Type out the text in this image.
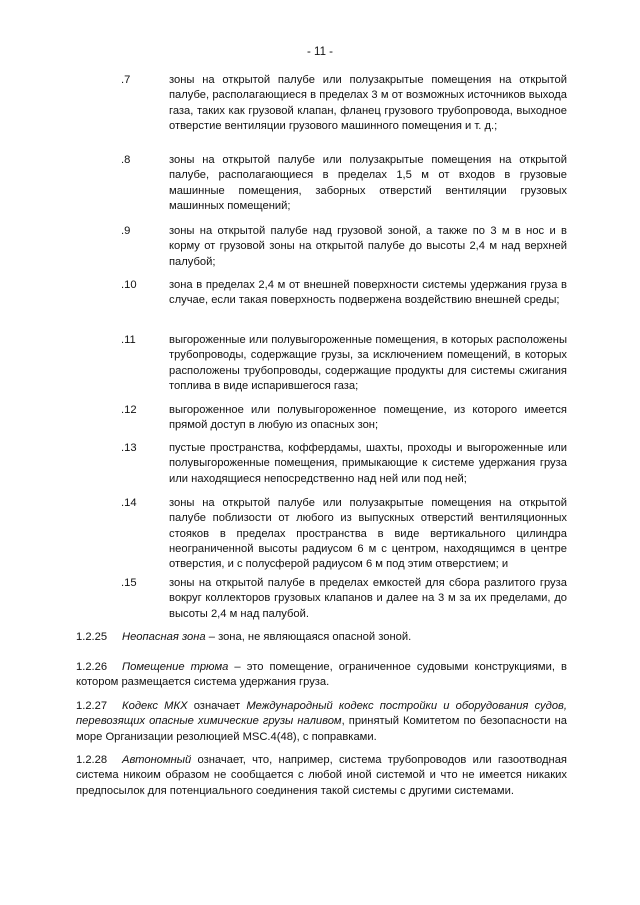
- 11 -
.7	зоны на открытой палубе или полузакрытые помещения на открытой палубе, располагающиеся в пределах 3 м от возможных источников выхода газа, таких как грузовой клапан, фланец грузового трубопровода, выходное отверстие вентиляции грузового машинного помещения и т. д.;
.8	зоны на открытой палубе или полузакрытые помещения на открытой палубе, располагающиеся в пределах 1,5 м от входов в грузовые машинные помещения, заборных отверстий вентиляции грузовых машинных помещений;
.9	зоны на открытой палубе над грузовой зоной, а также по 3 м в нос и в корму от грузовой зоны на открытой палубе до высоты 2,4 м над верхней палубой;
.10	зона в пределах 2,4 м от внешней поверхности системы удержания груза в случае, если такая поверхность подвержена воздействию внешней среды;
.11	выгороженные или полувыгороженные помещения, в которых расположены трубопроводы, содержащие грузы, за исключением помещений, в которых расположены трубопроводы, содержащие продукты для системы сжигания топлива в виде испарившегося газа;
.12	выгороженное или полувыгороженное помещение, из которого имеется прямой доступ в любую из опасных зон;
.13	пустые пространства, коффердамы, шахты, проходы и выгороженные или полувыгороженные помещения, примыкающие к системе удержания груза или находящиеся непосредственно над ней или под ней;
.14	зоны на открытой палубе или полузакрытые помещения на открытой палубе поблизости от любого из выпускных отверстий вентиляционных стояков в пределах пространства в виде вертикального цилиндра неограниченной высоты радиусом 6 м с центром, находящимся в центре отверстия, и с полусферой радиусом 6 м под этим отверстием; и
.15	зоны на открытой палубе в пределах емкостей для сбора разлитого груза вокруг коллекторов грузовых клапанов и далее на 3 м за их пределами, до высоты 2,4 м над палубой.
1.2.25 Неопасная зона – зона, не являющаяся опасной зоной.
1.2.26 Помещение трюма – это помещение, ограниченное судовыми конструкциями, в котором размещается система удержания груза.
1.2.27 Кодекс МКХ означает Международный кодекс постройки и оборудования судов, перевозящих опасные химические грузы наливом, принятый Комитетом по безопасности на море Организации резолюцией MSC.4(48), с поправками.
1.2.28 Автономный означает, что, например, система трубопроводов или газоотводная система никоим образом не сообщается с любой иной системой и что не имеется никаких предпосылок для потенциального соединения такой системы с другими системами.
